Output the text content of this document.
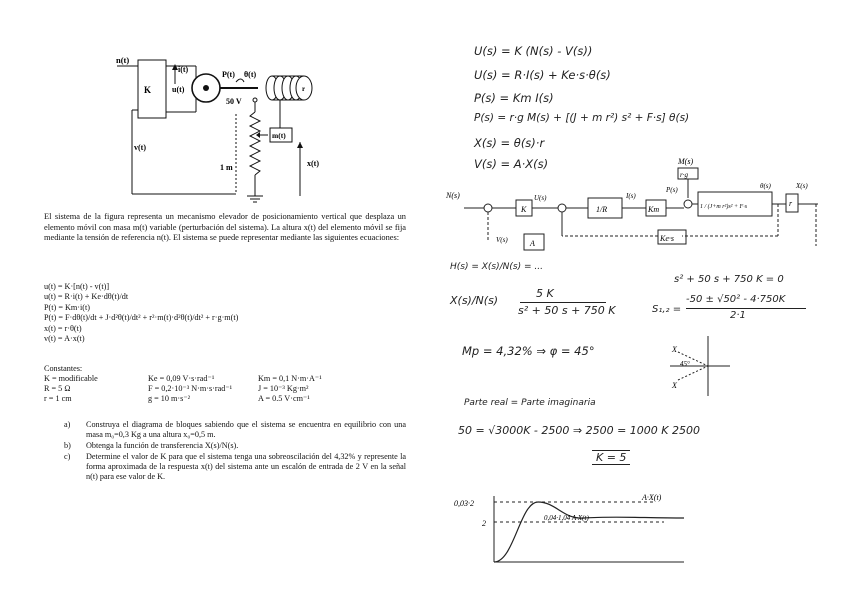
K
n(t)
i(t)
u(t)
P(t) θ(t)
r
m(t)
50 V
1 m	x(t)
v(t)
El sistema de la figura representa un mecanismo elevador de posicionamiento vertical que desplaza un elemento móvil con masa m(t) variable (perturbación del sistema). La altura x(t) del elemento móvil se fija mediante la tensión de referencia n(t). El sistema se puede representar mediante las siguientes ecuaciones:
u(t) = K·[n(t) - v(t)]
u(t) = R·i(t) + Ke·dθ(t)/dt
P(t) = Km·i(t)
P(t) = F·dθ(t)/dt + J·d²θ(t)/dt² + r²·m(t)·d²θ(t)/dt² + r·g·m(t)
x(t) = r·θ(t)
v(t) = A·x(t)
Constantes:
K = modificable	Ke = 0,09 V·s·rad⁻¹	Km = 0,1 N·m·A⁻¹
R = 5 Ω	F = 0,2·10⁻³ N·m·s·rad⁻¹	J = 10⁻³ Kg·m²
r = 1 cm	g = 10 m·s⁻²	A = 0.5 V·cm⁻¹
a)	Construya el diagrama de bloques sabiendo que el sistema se encuentra en equilibrio con una masa m₀=0,3 Kg a una altura x₀=0,5 m.
b)	Obtenga la función de transferencia X(s)/N(s).
c)	Determine el valor de K para que el sistema tenga una sobreoscilación del 4,32% y represente la forma aproximada de la respuesta x(t) del sistema ante un escalón de entrada de 2 V en la señal n(t) para ese valor de K.
U(s) = K (N(s) - V(s))
U(s) = R·I(s) + Ke·s·θ(s)
P(s) = Km I(s)
P(s) = r·g M(s) + [(J + m r²) s² + F·s] θ(s)
X(s) = θ(s)·r
V(s) = A·X(s)	M(s)
r·g
N(s)
K
U(s)
1/R
I(s)
Km
P(s)
1 / (J+m r²)s² + F·s
θ(s)
r
X(s)
Ke·s
V(s)	A
H(s) = X(s)/N(s) = ...
X(s)/N(s)
5 K
s² + 50 s + 750 K
s² + 50 s + 750 K = 0
S₁,₂ =
-50 ± √50² - 4·750K
2·1
Mp = 4,32% ⇒ φ = 45°	X
45°
X
Parte real = Parte imaginaria
50 = √3000K - 2500 ⇒ 2500 = 1000 K 2500
K = 5
0,03·2
2
A·X(t)
0,04·1,04 A·X(t)
